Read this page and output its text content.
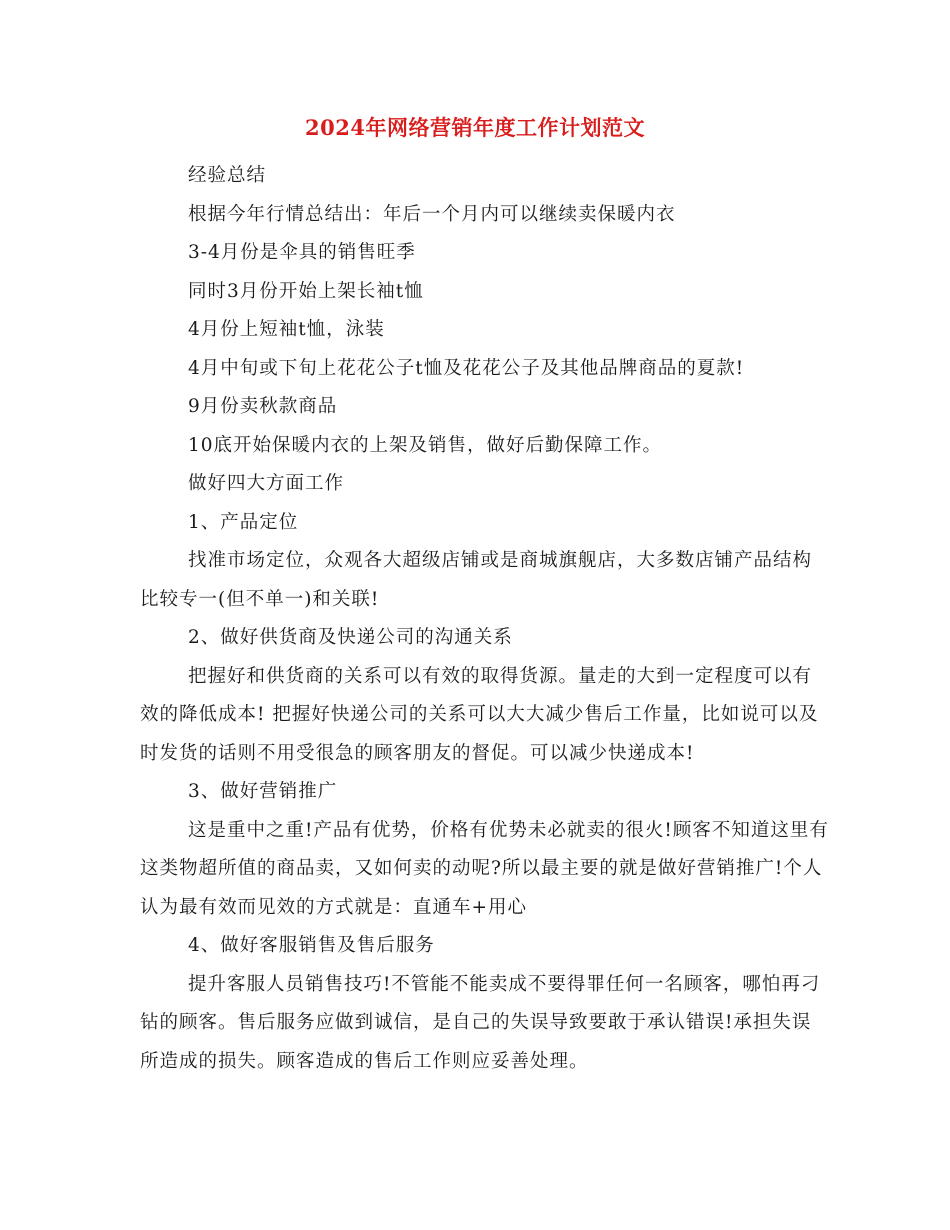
2024年网络营销年度工作计划范文

经验总结

根据今年行情总结出：年后一个月内可以继续卖保暖内衣

3-4月份是伞具的销售旺季

同时3月份开始上架长袖t恤

4月份上短袖t恤，泳装

4月中旬或下旬上花花公子t恤及花花公子及其他品牌商品的夏款!

9月份卖秋款商品

10底开始保暖内衣的上架及销售，做好后勤保障工作。

做好四大方面工作

1、产品定位

找准市场定位，众观各大超级店铺或是商城旗舰店，大多数店铺产品结构比较专一(但不单一)和关联!

2、做好供货商及快递公司的沟通关系

把握好和供货商的关系可以有效的取得货源。量走的大到一定程度可以有效的降低成本! 把握好快递公司的关系可以大大减少售后工作量，比如说可以及时发货的话则不用受很急的顾客朋友的督促。可以减少快递成本!

3、做好营销推广

这是重中之重!产品有优势，价格有优势未必就卖的很火!顾客不知道这里有这类物超所值的商品卖，又如何卖的动呢?所以最主要的就是做好营销推广!个人认为最有效而见效的方式就是：直通车+用心

4、做好客服销售及售后服务

提升客服人员销售技巧!不管能不能卖成不要得罪任何一名顾客，哪怕再刁钻的顾客。售后服务应做到诚信，是自己的失误导致要敢于承认错误!承担失误所造成的损失。顾客造成的售后工作则应妥善处理。
